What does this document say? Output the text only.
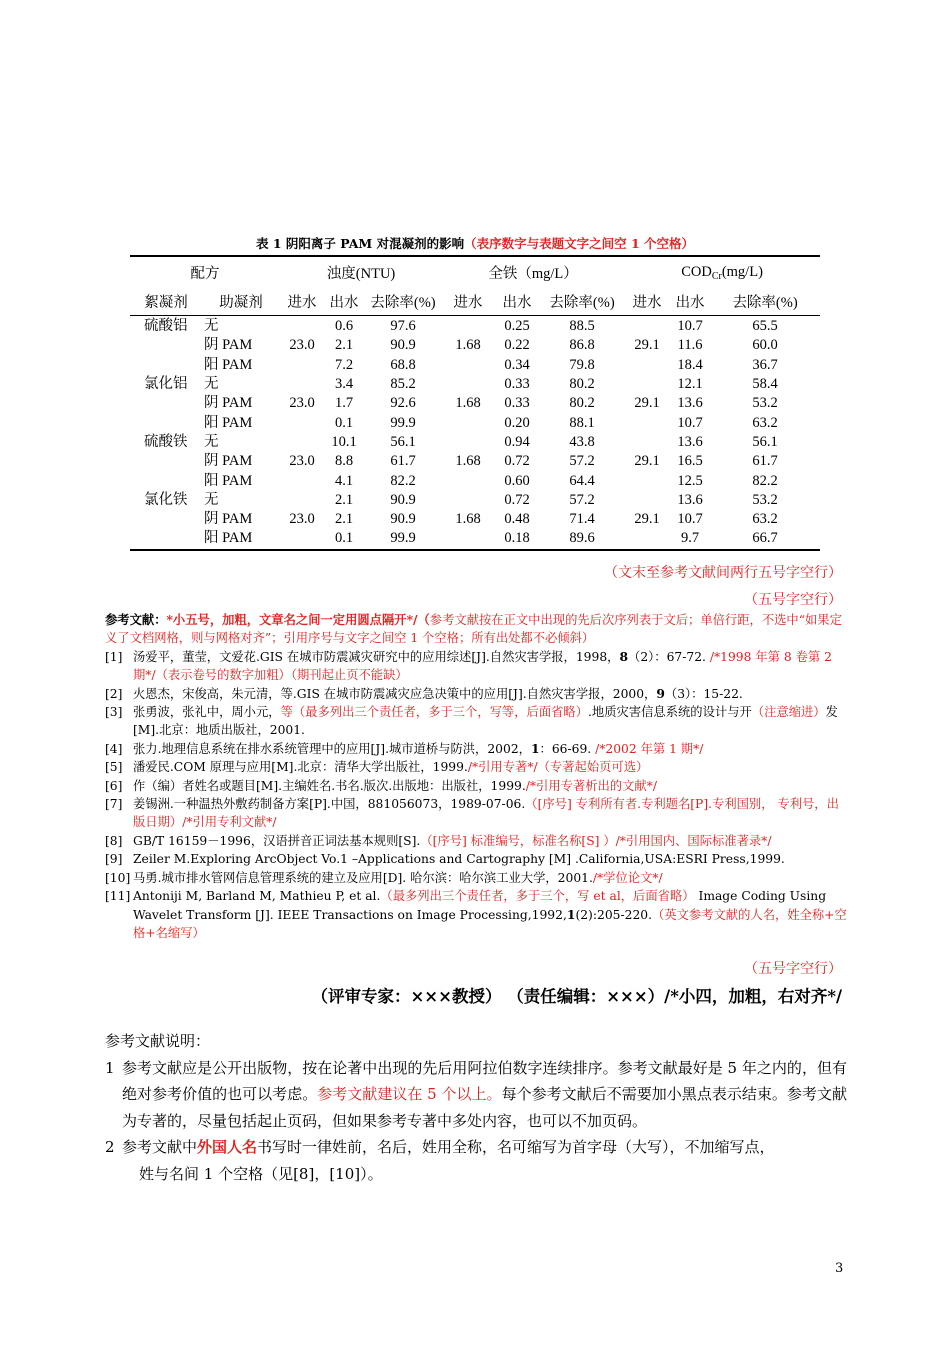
表 1 阴阳离子 PAM 对混凝剂的影响（表序数字与表题文字之间空 1 个空格）
配方		浊度(NTU)			全铁（mg/L）			$COD_{Cr}(mg/L)$		
絮凝剂	助凝剂	进水	出水	去除率(%)	进水	出水	去除率(%)	进水	出水	去除率(%)
硫酸铝	无		0.6	97.6		0.25	88.5		10.7	65.5
	阴 PAM	23.0	2.1	90.9	1.68	0.22	86.8	29.1	11.6	60.0
	阳 PAM		7.2	68.8		0.34	79.8		18.4	36.7
氯化铝	无		3.4	85.2		0.33	80.2		12.1	58.4
	阴 PAM	23.0	1.7	92.6	1.68	0.33	80.2	29.1	13.6	53.2
	阳 PAM		0.1	99.9		0.20	88.1		10.7	63.2
硫酸铁	无		10.1	56.1		0.94	43.8		13.6	56.1
	阴 PAM	23.0	8.8	61.7	1.68	0.72	57.2	29.1	16.5	61.7
	阳 PAM		4.1	82.2		0.60	64.4		12.5	82.2
氯化铁	无		2.1	90.9		0.72	57.2		13.6	53.2
	阴 PAM	23.0	2.1	90.9	1.68	0.48	71.4	29.1	10.7	63.2
	阳 PAM		0.1	99.9		0.18	89.6		9.7	66.7
（文末至参考文献间两行五号字空行）
（五号字空行）

参考文献：*小五号，加粗，文章名之间一定用圆点隔开*/（参考文献按在正文中出现的先后次序列表于文后；单倍行距，不选中“如果定义了文档网格，则与网格对齐”；引用序号与文字之间空 1 个空格；所有出处都不必倾斜）

[1] 汤爱平，董莹，文爱花.GIS 在城市防震减灾研究中的应用综述[J].自然灾害学报，1998，8（2）：67-72. /*1998 年第 8 卷第 2 期*/（表示卷号的数字加粗）（期刊起止页不能缺）

[2] 火恩杰，宋俊高，朱元清，等.GIS 在城市防震减灾应急决策中的应用[J].自然灾害学报，2000，9（3）：15-22.

[3] 张勇波，张礼中，周小元，等（最多列出三个责任者，多于三个，写等，后面省略）.地质灾害信息系统的设计与开（注意缩进）发[M].北京：地质出版社，2001.

[4] 张力.地理信息系统在排水系统管理中的应用[J].城市道桥与防洪，2002，1：66-69. /*2002 年第 1 期*/

[5] 潘爱民.COM 原理与应用[M].北京：清华大学出版社，1999./*引用专著*/（专著起始页可选）

[6] 作（编）者姓名或题目[M].主编姓名.书名.版次.出版地：出版社，1999./*引用专著析出的文献*/

[7] 姜锡洲.一种温热外敷药制备方案[P].中国，881056073，1989-07-06.（[序号] 专利所有者.专利题名[P].专利国别， 专利号，出版日期）/*引用专利文献*/

[8] GB/T 16159－1996，汉语拼音正词法基本规则[S].（[序号] 标准编号，标准名称[S] ）/*引用国内、国际标准著录*/

[9] Zeiler M.Exploring ArcObject Vo.1 –Applications and Cartography [M] .California,USA:ESRI Press,1999.

[10] 马勇.城市排水管网信息管理系统的建立及应用[D]. 哈尔滨：哈尔滨工业大学，2001./*学位论文*/

[11] Antoniji M, Barland M, Mathieu P, et al.（最多列出三个责任者，多于三个，写 et al，后面省略） Image Coding Using Wavelet Transform [J]. IEEE Transactions on Image Processing,1992,1(2):205-220.（英文参考文献的人名，姓全称+空格+名缩写）

（五号字空行）
（评审专家：×××教授） （责任编辑：×××）/*小四，加粗，右对齐*/

参考文献说明：

1 参考文献应是公开出版物，按在论著中出现的先后用阿拉伯数字连续排序。参考文献最好是 5 年之内的，但有绝对参考价值的也可以考虑。参考文献建议在 5 个以上。每个参考文献后不需要加小黑点表示结束。参考文献为专著的，尽量包括起止页码，但如果参考专著中多处内容，也可以不加页码。

2 参考文献中外国人名书写时一律姓前，名后，姓用全称，名可缩写为首字母（大写），不加缩写点，

姓与名间 1 个空格（见[8]，[10]）。

3
